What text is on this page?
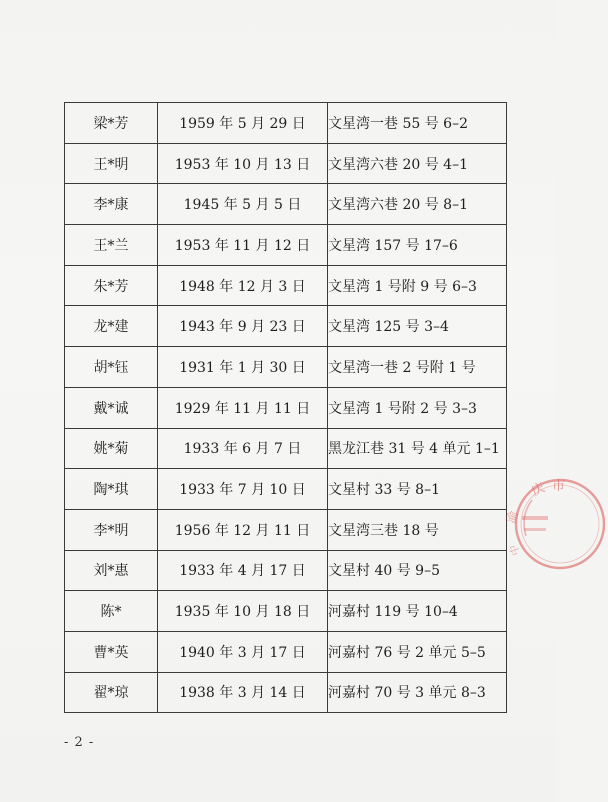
梁*芳	1959 年 5 月 29 日	文星湾一巷 55 号 6–2
王*明	1953 年 10 月 13 日	文星湾六巷 20 号 4–1
李*康	1945 年 5 月 5 日	文星湾六巷 20 号 8–1
王*兰	1953 年 11 月 12 日	文星湾 157 号 17–6
朱*芳	1948 年 12 月 3 日	文星湾 1 号附 9 号 6–3
龙*建	1943 年 9 月 23 日	文星湾 125 号 3–4
胡*钰	1931 年 1 月 30 日	文星湾一巷 2 号附 1 号
戴*诚	1929 年 11 月 11 日	文星湾 1 号附 2 号 3–3
姚*菊	1933 年 6 月 7 日	黑龙江巷 31 号 4 单元 1–1
陶*琪	1933 年 7 月 10 日	文星村 33 号 8–1
李*明	1956 年 12 月 11 日	文星湾三巷 18 号
刘*惠	1933 年 4 月 17 日	文星村 40 号 9–5
陈*	1935 年 10 月 18 日	河嘉村 119 号 10–4
曹*英	1940 年 3 月 17 日	河嘉村 76 号 2 单元 5–5
翟*琼	1938 年 3 月 14 日	河嘉村 70 号 3 单元 8–3
- 2 -
庆 市
渝
中
